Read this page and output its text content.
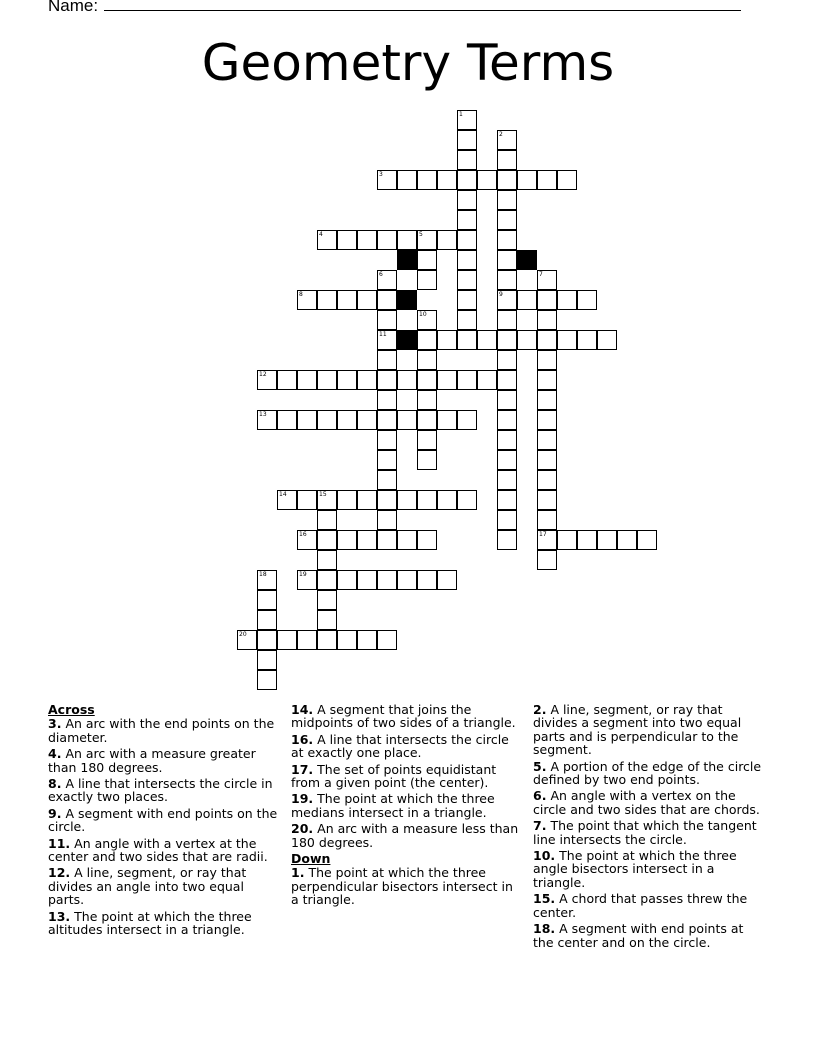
Name:
Geometry Terms
1
2
9
3
4	5
6
11
7
17
8
10
12
13
14	15
16
18	19
20
Across
3. An arc with the end points on the diameter.
4. An arc with a measure greater than 180 degrees.
8. A line that intersects the circle in exactly two places.
9. A segment with end points on the circle.
11. An angle with a vertex at the center and two sides that are radii.
12. A line, segment, or ray that divides an angle into two equal parts.
13. The point at which the three altitudes intersect in a triangle.
14. A segment that joins the midpoints of two sides of a triangle.
16. A line that intersects the circle at exactly one place.
17. The set of points equidistant from a given point (the center).
19. The point at which the three medians intersect in a triangle.
20. An arc with a measure less than 180 degrees.
Down
1. The point at which the three perpendicular bisectors intersect in a triangle.
2. A line, segment, or ray that divides a segment into two equal parts and is perpendicular to the segment.
5. A portion of the edge of the circle defined by two end points.
6. An angle with a vertex on the circle and two sides that are chords.
7. The point that which the tangent line intersects the circle.
10. The point at which the three angle bisectors intersect in a triangle.
15. A chord that passes threw the center.
18. A segment with end points at the center and on the circle.
